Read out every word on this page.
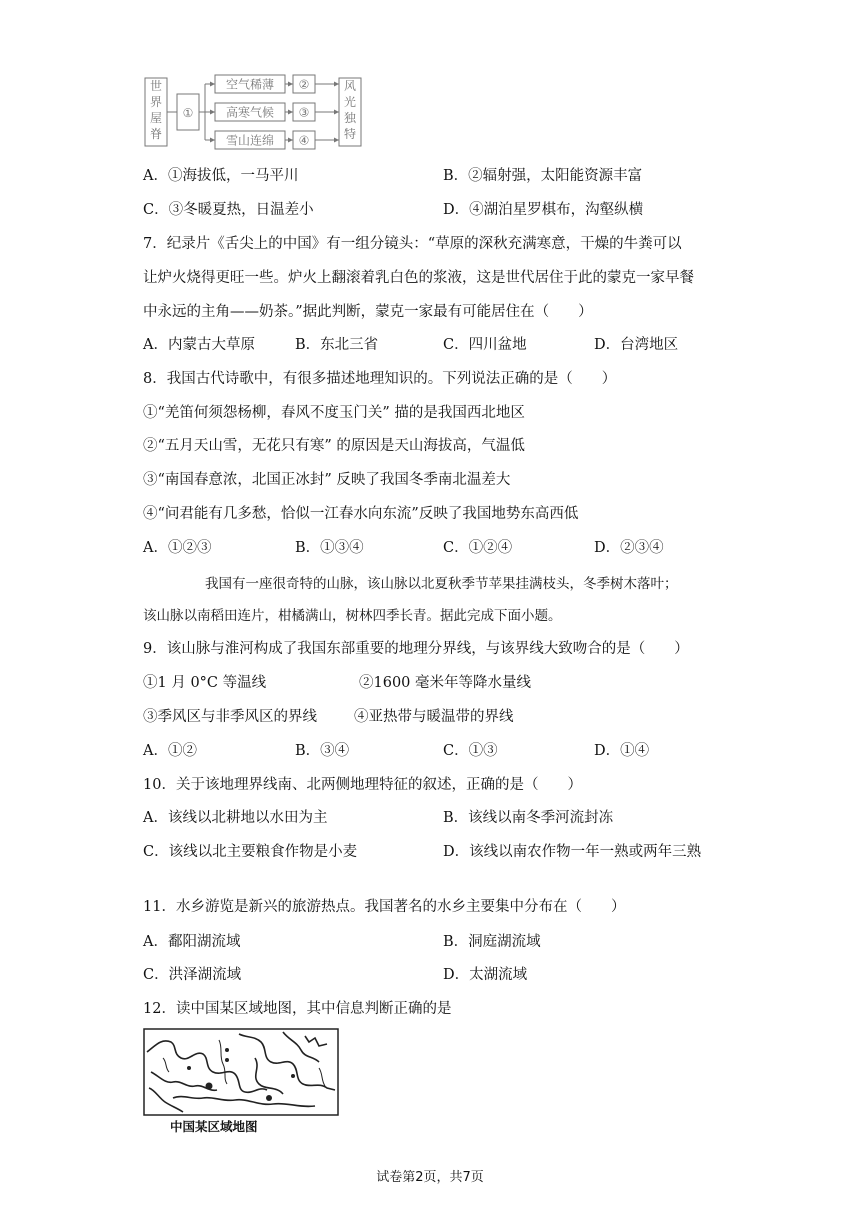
世界屋脊
①
空气稀薄
高寒气候
雪山连绵
②
③
④
风光独特
A．①海拔低，一马平川	B．②辐射强，太阳能资源丰富
C．③冬暖夏热，日温差小	D．④湖泊星罗棋布，沟壑纵横
7．纪录片《舌尖上的中国》有一组分镜头：“草原的深秋充满寒意，干燥的牛粪可以
让炉火烧得更旺一些。炉火上翻滚着乳白色的浆液，这是世代居住于此的蒙克一家早餐
中永远的主角——奶茶。”据此判断，蒙克一家最有可能居住在（　　）
A．内蒙古大草原	B．东北三省	C．四川盆地	D．台湾地区
8．我国古代诗歌中，有很多描述地理知识的。下列说法正确的是（　　）
①“羌笛何须怨杨柳，春风不度玉门关” 描的是我国西北地区
②“五月天山雪，无花只有寒” 的原因是天山海拔高，气温低
③“南国春意浓，北国正冰封” 反映了我国冬季南北温差大
④“问君能有几多愁，恰似一江春水向东流”反映了我国地势东高西低
A．①②③	B．①③④	C．①②④	D．②③④
我国有一座很奇特的山脉，该山脉以北夏秋季节苹果挂满枝头，冬季树木落叶；
该山脉以南稻田连片，柑橘满山，树林四季长青。据此完成下面小题。
9．该山脉与淮河构成了我国东部重要的地理分界线，与该界线大致吻合的是（　　）
①1 月 0°C 等温线	②1600 毫米年等降水量线
③季风区与非季风区的界线	④亚热带与暖温带的界线
A．①②	B．③④	C．①③	D．①④
10．关于该地理界线南、北两侧地理特征的叙述，正确的是（　　）
A．该线以北耕地以水田为主	B．该线以南冬季河流封冻
C．该线以北主要粮食作物是小麦	D．该线以南农作物一年一熟或两年三熟
11．水乡游览是新兴的旅游热点。我国著名的水乡主要集中分布在（　　）
A．鄱阳湖流域	B．洞庭湖流域
C．洪泽湖流域	D．太湖流域
12．读中国某区域地图，其中信息判断正确的是
中国某区域地图
试卷第2页，共7页
